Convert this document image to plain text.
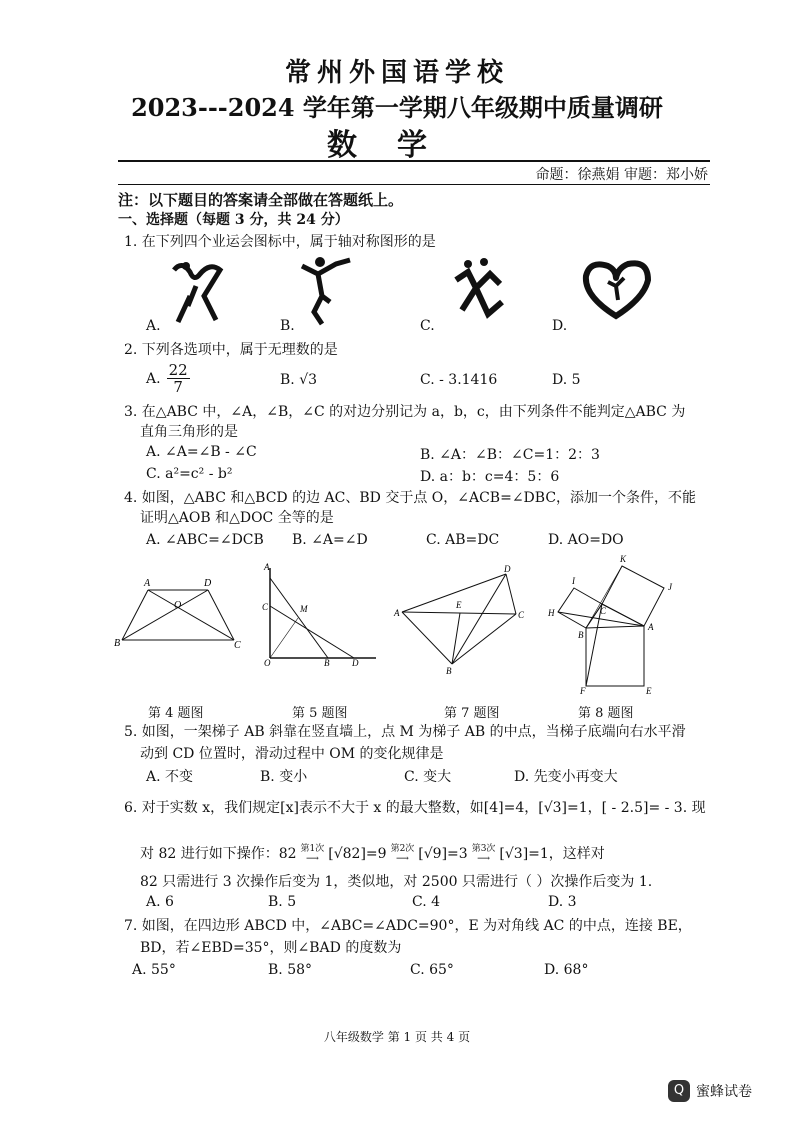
常州外国语学校
2023---2024 学年第一学期八年级期中质量调研
数学
命题：徐燕娟 审题：郑小娇
注：以下题目的答案请全部做在答题纸上。
一、选择题（每题 3 分，共 24 分）
1. 在下列四个业运会图标中，属于轴对称图形的是
A.	B.	C.	D.
2. 下列各选项中，属于无理数的是
A. $\frac{22}{7}$	B. √3	C. - 3.1416	D. 5
3. 在△ABC 中，∠A，∠B，∠C 的对边分别记为 a，b，c，由下列条件不能判定△ABC 为
直角三角形的是
A. ∠A=∠B - ∠C	B. ∠A：∠B：∠C=1：2：3
C. a²=c² - b²	D. a：b：c=4：5：6
4. 如图，△ABC 和△BCD 的边 AC、BD 交于点 O，∠ACB=∠DBC，添加一个条件，不能
证明△AOB 和△DOC 全等的是
A. ∠ABC=∠DCB B. ∠A=∠D	C. AB=DC	D. AO=DO
A	D
O
B	C
A
C	M
O	B	D
A
E
D
C
B
K
I
J
H	C
B
A
F	E
第 4 题图	第 5 题图	第 7 题图	第 8 题图
5. 如图，一架梯子 AB 斜靠在竖直墙上，点 M 为梯子 AB 的中点，当梯子底端向右水平滑
动到 CD 位置时，滑动过程中 OM 的变化规律是
A. 不变	B. 变小	C. 变大	D. 先变小再变大
6. 对于实数 x，我们规定[x]表示不大于 x 的最大整数，如[4]=4，[√3]=1，[ - 2.5]= - 3. 现
对 82 进行如下操作：82 第1次
⟶ [√82]=9 第2次
⟶ [√9]=3 第3次
⟶ [√3]=1，这样对
82 只需进行 3 次操作后变为 1，类似地，对 2500 只需进行（ ）次操作后变为 1.
A. 6	B. 5	C. 4	D. 3
7. 如图，在四边形 ABCD 中，∠ABC=∠ADC=90°，E 为对角线 AC 的中点，连接 BE，
BD，若∠EBD=35°，则∠BAD 的度数为
A. 55°	B. 58°	C. 65°	D. 68°
八年级数学 第 1 页 共 4 页
Q 蜜蜂试卷
